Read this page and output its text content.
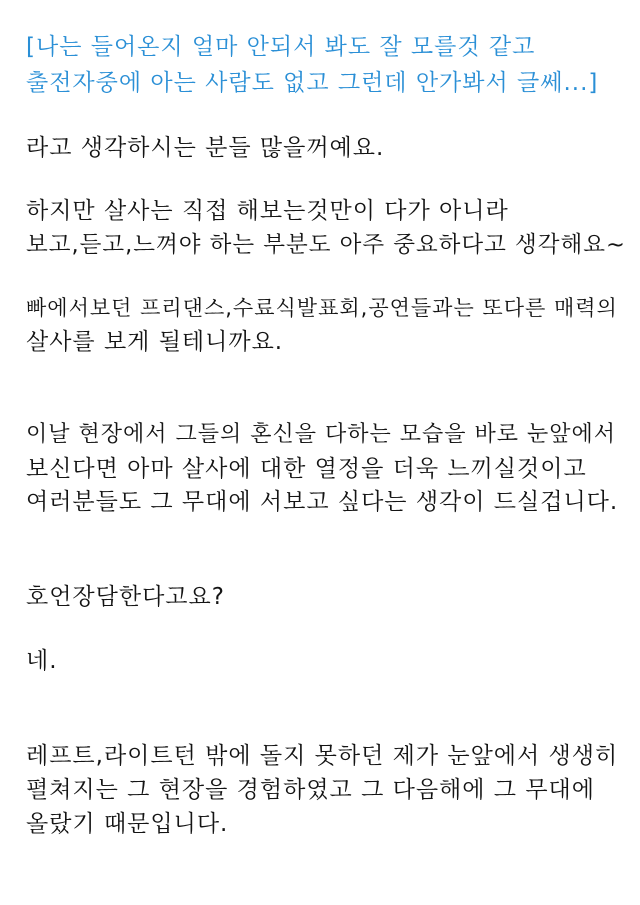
[나는 들어온지 얼마 안되서 봐도 잘 모를것 같고
출전자중에 아는 사람도 없고 그런데 안가봐서 글쎄...]
라고 생각하시는 분들 많을꺼예요.
하지만 살사는 직접 해보는것만이 다가 아니라
보고,듣고,느껴야 하는 부분도 아주 중요하다고 생각해요~
빠에서보던 프리댄스,수료식발표회,공연들과는 또다른 매력의
살사를 보게 될테니까요.
이날 현장에서 그들의 혼신을 다하는 모습을 바로 눈앞에서
보신다면 아마 살사에 대한 열정을 더욱 느끼실것이고
여러분들도 그 무대에 서보고 싶다는 생각이 드실겁니다.
호언장담한다고요?
네.
레프트,라이트턴 밖에 돌지 못하던 제가 눈앞에서 생생히
펼쳐지는 그 현장을 경험하였고 그 다음해에 그 무대에
올랐기 때문입니다.
